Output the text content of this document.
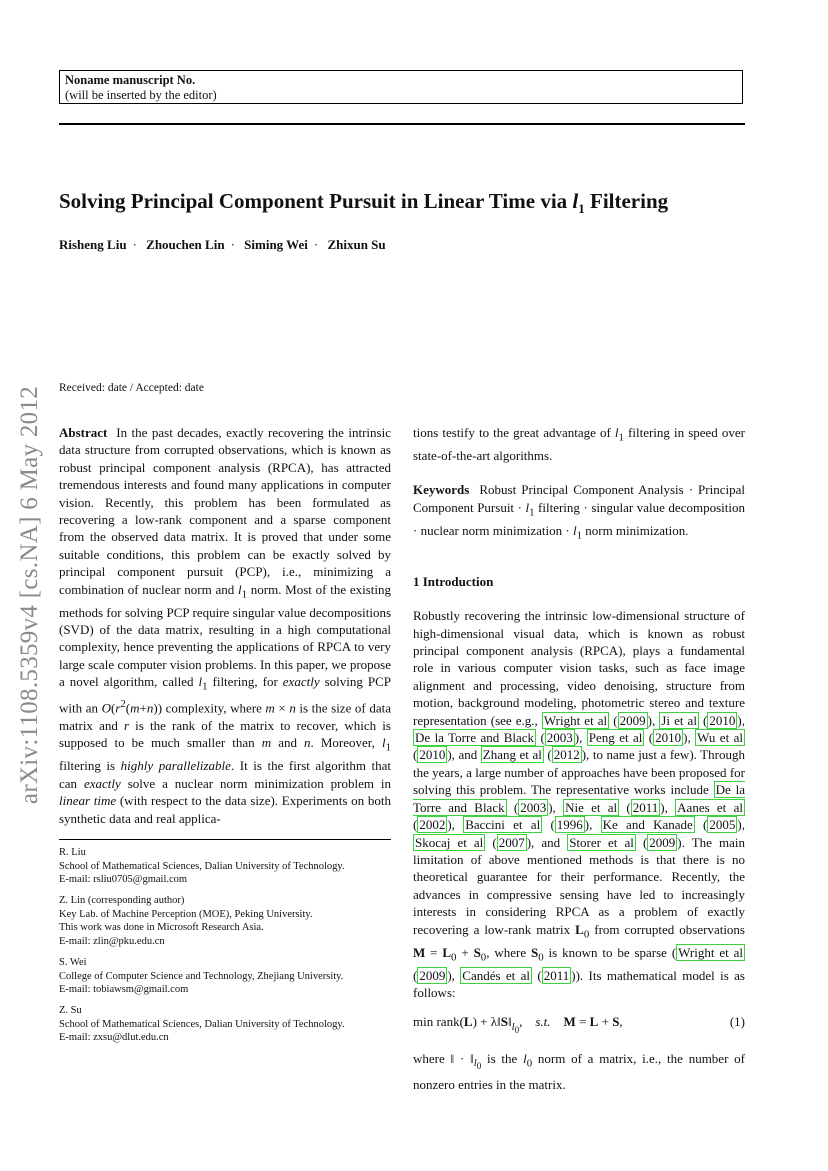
Noname manuscript No.
(will be inserted by the editor)
Solving Principal Component Pursuit in Linear Time via $l_1$ Filtering
Risheng Liu · Zhouchen Lin · Siming Wei · Zhixun Su
arXiv:1108.5359v4 [cs.NA] 6 May 2012 Received: date / Accepted: date

Abstract  In the past decades, exactly recovering the intrinsic data structure from corrupted observations, which is known as robust principal component analysis (RPCA), has attracted tremendous interests and found many applications in computer vision. Recently, this problem has been formulated as recovering a low-rank component and a sparse component from the observed data matrix. It is proved that under some suitable conditions, this problem can be exactly solved by principal component pursuit (PCP), i.e., minimizing a combination of nuclear norm and $l_1$ norm. Most of the existing methods for solving PCP require singular value decompositions (SVD) of the data matrix, resulting in a high computational complexity, hence preventing the applications of RPCA to very large scale computer vision problems. In this paper, we propose a novel algorithm, called $l_1$ filtering, for exactly solving PCP with an $O(r^2(m+n))$ complexity, where m × n is the size of data matrix and r is the rank of the matrix to recover, which is supposed to be much smaller than m and n. Moreover, $l_1$ filtering is highly parallelizable. It is the first algorithm that can exactly solve a nuclear norm minimization problem in linear time (with respect to the data size). Experiments on both synthetic data and real applica-

R. Liu
School of Mathematical Sciences, Dalian University of Technology.
E-mail: rsliu0705@gmail.com
Z. Lin (corresponding author)
Key Lab. of Machine Perception (MOE), Peking University.
This work was done in Microsoft Research Asia.
E-mail: zlin@pku.edu.cn
S. Wei
College of Computer Science and Technology, Zhejiang University.
E-mail: tobiawsm@gmail.com
Z. Su
School of Mathematical Sciences, Dalian University of Technology.
E-mail: zxsu@dlut.edu.cn

tions testify to the great advantage of $l_1$ filtering in speed over state-of-the-art algorithms.

Keywords  Robust Principal Component Analysis · Principal Component Pursuit · $l_1$ filtering · singular value decomposition · nuclear norm minimization · $l_1$ norm minimization.

1 Introduction

Robustly recovering the intrinsic low-dimensional structure of high-dimensional visual data, which is known as robust principal component analysis (RPCA), plays a fundamental role in various computer vision tasks, such as face image alignment and processing, video denoising, structure from motion, background modeling, photometric stereo and texture representation (see e.g., Wright et al ( 2009 ), Ji et al ( 2010 ), De la Torre and Black ( 2003 ), Peng et al ( 2010 ), Wu et al ( 2010 ), and Zhang et al ( 2012 ), to name just a few). Through the years, a large number of approaches have been proposed for solving this problem. The representative works include De la Torre and Black ( 2003 ), Nie et al ( 2011 ), Aanes et al ( 2002 ), Baccini et al ( 1996 ), Ke and Kanade ( 2005 ), Skocaj et al ( 2007 ), and Storer et al ( 2009 ). The main limitation of above mentioned methods is that there is no theoretical guarantee for their performance. Recently, the advances in compressive sensing have led to increasingly interests in considering RPCA as a problem of exactly recovering a low-rank matrix $L_0$ from corrupted observations $M = L_0 + S_0$, where $S_0$ is known to be sparse ( Wright et al ( 2009 ), Candés et al ( 2011 )). Its mathematical model is as follows:

min rank(L) + $\lambda‖S‖_{l_0}$,    s.t. M = L + S,	(1)

where ‖ · $‖_{l_0}$ is the $l_0$ norm of a matrix, i.e., the number of nonzero entries in the matrix.
